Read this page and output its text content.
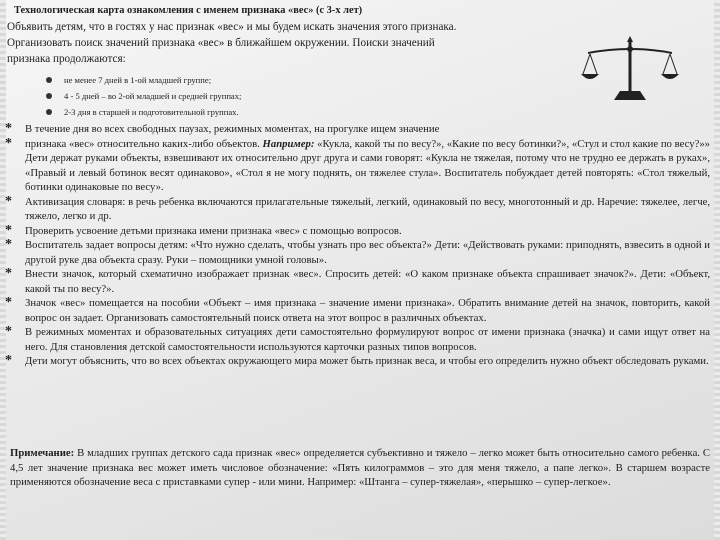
Технологическая карта ознакомления с именем признака «вес» (с 3-х лет)
Объявить детям, что в гостях у нас признак «вес» и мы будем искать значения этого признака.
Организовать поиск значений признака «вес» в ближайшем окружении. Поиски значений
признака продолжаются:
не менее 7 дней в 1-ой младшей группе;
4 - 5 дней – во 2-ой младшей и средней группах;
2-3 дня в старшей и подготовительной группах.
*	В течение дня во всех свободных паузах, режимных моментах, на прогулке ищем значение
*	признака «вес» относительно каких-либо объектов. Например: «Кукла, какой ты по весу?», «Какие по весу ботинки?», «Стул и стол какие по весу?»» Дети держат руками объекты, взвешивают их относительно друг друга и сами говорят: «Кукла не тяжелая, потому что не трудно ее держать в руках», «Правый и левый ботинок весят одинаково», «Стол я не могу поднять, он тяжелее стула». Воспитатель побуждает детей повторять: «Стол тяжелый, ботинки одинаковые по весу».
*	Активизация словаря: в речь ребенка включаются прилагательные тяжелый, легкий, одинаковый по весу, многотонный и др. Наречие: тяжелее, легче, тяжело, легко и др.
*	Проверить усвоение детьми признака имени признака «вес» с помощью вопросов.
*	Воспитатель задает вопросы детям: «Что нужно сделать, чтобы узнать про вес объекта?» Дети: «Действовать руками: приподнять, взвесить в одной и другой руке два объекта сразу. Руки – помощники умной головы».
*	Внести значок, который схематично изображает признак «вес». Спросить детей: «О каком признаке объекта спрашивает значок?». Дети: «Объект, какой ты по весу?».
*	Значок «вес» помещается на пособии «Объект – имя признака – значение имени признака». Обратить внимание детей на значок, повторить, какой вопрос он задает. Организовать самостоятельный поиск ответа на этот вопрос в различных объектах.
*	В режимных моментах и образовательных ситуациях дети самостоятельно формулируют вопрос от имени признака (значка) и сами ищут ответ на него. Для становления детской самостоятельности используются карточки разных типов вопросов.
*	Дети могут объяснить, что во всех объектах окружающего мира может быть признак веса, и чтобы его определить нужно объект обследовать руками.
Примечание: В младших группах детского сада признак «вес» определяется субъективно и тяжело – легко может быть относительно самого ребенка. С 4,5 лет значение признака вес может иметь числовое обозначение: «Пять килограммов – это для меня тяжело, а папе легко». В старшем возрасте применяются обозначение веса с приставками супер - или мини. Например: «Штанга – супер-тяжелая», «перышко – супер-легкое».
